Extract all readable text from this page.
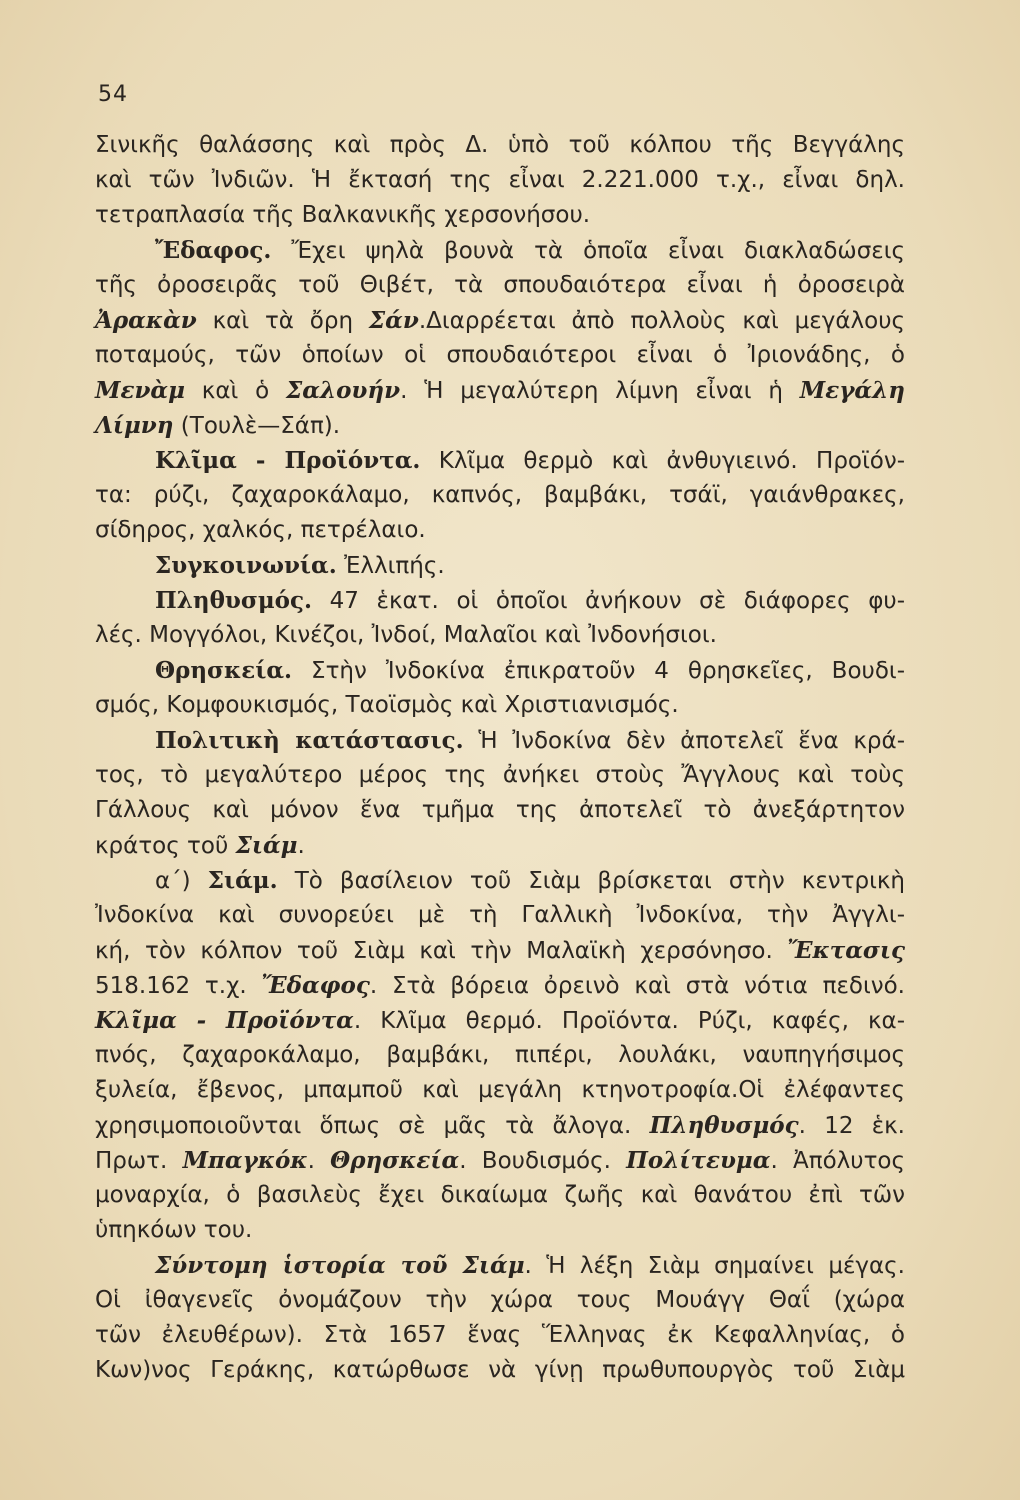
54
Σινικῆς θαλάσσης καὶ πρὸς Δ. ὑπὸ τοῦ κόλπου τῆς Βεγγάλης
καὶ τῶν Ἰνδιῶν. Ἡ ἔκτασή της εἶναι 2.221.000 τ.χ., εἶναι δηλ.
τετραπλασία τῆς Βαλκανικῆς χερσονήσου.
Ἔδαφος. Ἔχει ψηλὰ βουνὰ τὰ ὁποῖα εἶναι διακλαδώσεις
τῆς ὀροσειρᾶς τοῦ Θιβέτ, τὰ σπουδαιότερα εἶναι ἡ ὀροσειρὰ
Ἀρακὰν καὶ τὰ ὄρη Σάν.Διαρρέεται ἀπὸ πολλοὺς καὶ μεγάλους
ποταμούς, τῶν ὁποίων οἱ σπουδαιότεροι εἶναι ὁ Ἰριονάδης, ὁ
Μενὰμ καὶ ὁ Σαλουήν. Ἡ μεγαλύτερη λίμνη εἶναι ἡ Μεγάλη
Λίμνη (Τουλὲ—Σάπ).
Κλῖμα - Προϊόντα. Κλῖμα θερμὸ καὶ ἀνθυγιεινό. Προϊόν-
τα: ρύζι, ζαχαροκάλαμο, καπνός, βαμβάκι, τσάϊ, γαιάνθρακες,
σίδηρος, χαλκός, πετρέλαιο.
Συγκοινωνία. Ἐλλιπής.
Πληθυσμός. 47 ἑκατ. οἱ ὁποῖοι ἀνήκουν σὲ διάφορες φυ-
λές. Μογγόλοι, Κινέζοι, Ἰνδοί, Μαλαῖοι καὶ Ἰνδονήσιοι.
Θρησκεία. Στὴν Ἰνδοκίνα ἐπικρατοῦν 4 θρησκεῖες, Βουδι-
σμός, Κομφουκισμός, Ταοϊσμὸς καὶ Χριστιανισμός.
Πολιτικὴ κατάστασις. Ἡ Ἰνδοκίνα δὲν ἀποτελεῖ ἕνα κρά-
τος, τὸ μεγαλύτερο μέρος της ἀνήκει στοὺς Ἄγγλους καὶ τοὺς
Γάλλους καὶ μόνον ἕνα τμῆμα της ἀποτελεῖ τὸ ἀνεξάρτητον
κράτος τοῦ Σιάμ.
α΄) Σιάμ. Τὸ βασίλειον τοῦ Σιὰμ βρίσκεται στὴν κεντρικὴ
Ἰνδοκίνα καὶ συνορεύει μὲ τὴ Γαλλικὴ Ἰνδοκίνα, τὴν Ἀγγλι-
κή, τὸν κόλπον τοῦ Σιὰμ καὶ τὴν Μαλαϊκὴ χερσόνησο. Ἔκτασις
518.162 τ.χ. Ἔδαφος. Στὰ βόρεια ὀρεινὸ καὶ στὰ νότια πεδινό.
Κλῖμα - Προϊόντα. Κλῖμα θερμό. Προϊόντα. Ρύζι, καφές, κα-
πνός, ζαχαροκάλαμο, βαμβάκι, πιπέρι, λουλάκι, ναυπηγήσιμος
ξυλεία, ἔβενος, μπαμποῦ καὶ μεγάλη κτηνοτροφία.Οἱ ἐλέφαντες
χρησιμοποιοῦνται ὅπως σὲ μᾶς τὰ ἄλογα. Πληθυσμός. 12 ἑκ.
Πρωτ. Μπαγκόκ. Θρησκεία. Βουδισμός. Πολίτευμα. Ἀπόλυτος
μοναρχία, ὁ βασιλεὺς ἔχει δικαίωμα ζωῆς καὶ θανάτου ἐπὶ τῶν
ὑπηκόων του.
Σύντομη ἱστορία τοῦ Σιάμ. Ἡ λέξη Σιὰμ σημαίνει μέγας.
Οἱ ἰθαγενεῖς ὀνομάζουν τὴν χώρα τους Μουάγγ Θαΐ (χώρα
τῶν ἐλευθέρων). Στὰ 1657 ἕνας Ἕλληνας ἐκ Κεφαλληνίας, ὁ
Κων)νος Γεράκης, κατώρθωσε νὰ γίνῃ πρωθυπουργὸς τοῦ Σιὰμ
